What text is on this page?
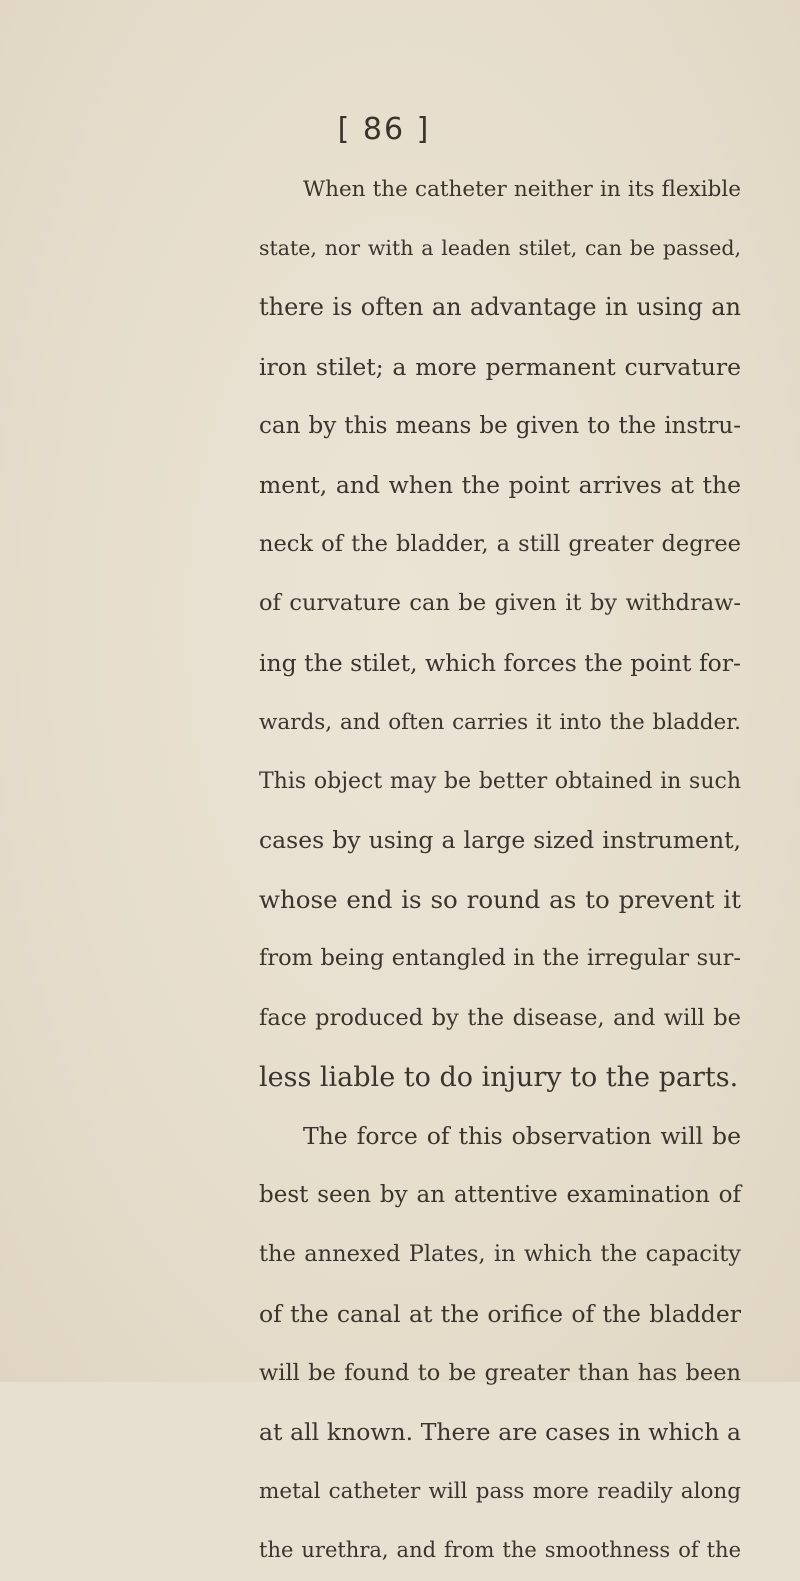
[ 86 ]
When the catheter neither in its flexible
state, nor with a leaden stilet, can be passed,
there is often an advantage in using an
iron stilet; a more permanent curvature
can by this means be given to the instru-
ment, and when the point arrives at the
neck of the bladder, a still greater degree
of curvature can be given it by withdraw-
ing the stilet, which forces the point for-
wards, and often carries it into the bladder.
This object may be better obtained in such
cases by using a large sized instrument,
whose end is so round as to prevent it
from being entangled in the irregular sur-
face produced by the disease, and will be
less liable to do injury to the parts.
The force of this observation will be
best seen by an attentive examination of
the annexed Plates, in which the capacity
of the canal at the orifice of the bladder
will be found to be greater than has been
at all known. There are cases in which a
metal catheter will pass more readily along
the urethra, and from the smoothness of the
